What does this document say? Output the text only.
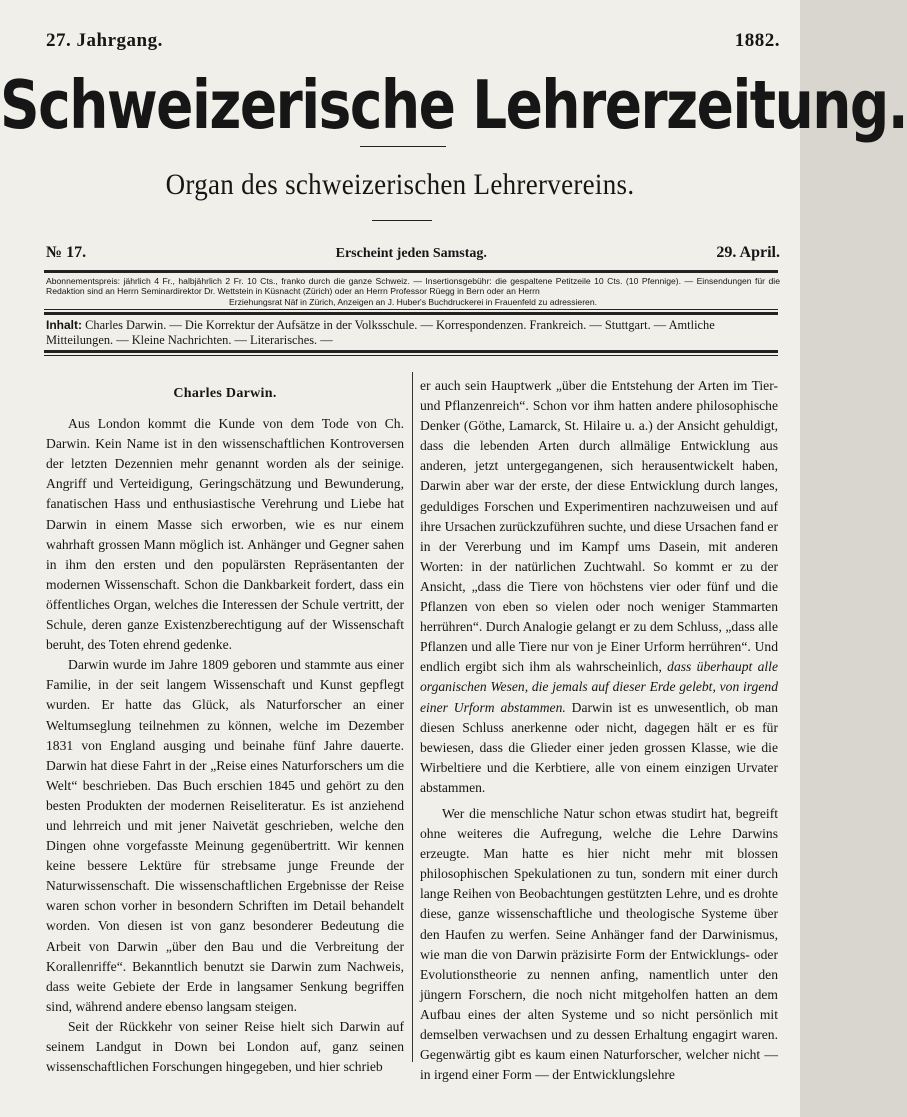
27. Jahrgang.	1882.
Schweizerische Lehrerzeitung.
Organ des schweizerischen Lehrervereins.
№ 17.	Erscheint jeden Samstag.	29. April.
Abonnementspreis: jährlich 4 Fr., halbjährlich 2 Fr. 10 Cts., franko durch die ganze Schweiz. — Insertionsgebühr: die gespaltene Petitzeile 10 Cts. (10 Pfennige). — Einsendungen für die Redaktion sind an Herrn Seminardirektor Dr. Wettstein in Küsnacht (Zürich) oder an Herrn Professor Rüegg in Bern oder an Herrn
Erziehungsrat Näf in Zürich, Anzeigen an J. Huber's Buchdruckerei in Frauenfeld zu adressieren.
Inhalt: Charles Darwin. — Die Korrektur der Aufsätze in der Volksschule. — Korrespondenzen. Frankreich. — Stuttgart. — Amtliche Mitteilungen. — Kleine Nachrichten. — Literarisches. —
Charles Darwin.

Aus London kommt die Kunde von dem Tode von Ch. Darwin. Kein Name ist in den wissenschaftlichen Kontroversen der letzten Dezennien mehr genannt worden als der seinige. Angriff und Verteidigung, Geringschätzung und Bewunderung, fanatischen Hass und enthusiastische Verehrung und Liebe hat Darwin in einem Masse sich erworben, wie es nur einem wahrhaft grossen Mann möglich ist. Anhänger und Gegner sahen in ihm den ersten und den populärsten Repräsentanten der modernen Wissenschaft. Schon die Dankbarkeit fordert, dass ein öffentliches Organ, welches die Interessen der Schule vertritt, der Schule, deren ganze Existenzberechtigung auf der Wissenschaft beruht, des Toten ehrend gedenke.

Darwin wurde im Jahre 1809 geboren und stammte aus einer Familie, in der seit langem Wissenschaft und Kunst gepflegt wurden. Er hatte das Glück, als Naturforscher an einer Weltumseglung teilnehmen zu können, welche im Dezember 1831 von England ausging und beinahe fünf Jahre dauerte. Darwin hat diese Fahrt in der „Reise eines Naturforschers um die Welt“ beschrieben. Das Buch erschien 1845 und gehört zu den besten Produkten der modernen Reiseliteratur. Es ist anziehend und lehrreich und mit jener Naivetät geschrieben, welche den Dingen ohne vorgefasste Meinung gegenübertritt. Wir kennen keine bessere Lektüre für strebsame junge Freunde der Naturwissenschaft. Die wissenschaftlichen Ergebnisse der Reise waren schon vorher in besondern Schriften im Detail behandelt worden. Von diesen ist von ganz besonderer Bedeutung die Arbeit von Darwin „über den Bau und die Verbreitung der Korallenriffe“. Bekanntlich benutzt sie Darwin zum Nachweis, dass weite Gebiete der Erde in langsamer Senkung begriffen sind, während andere ebenso langsam steigen.

Seit der Rückkehr von seiner Reise hielt sich Darwin auf seinem Landgut in Down bei London auf, ganz seinen wissenschaftlichen Forschungen hingegeben, und hier schrieb

er auch sein Hauptwerk „über die Entstehung der Arten im Tier- und Pflanzenreich“. Schon vor ihm hatten andere philosophische Denker (Göthe, Lamarck, St. Hilaire u. a.) der Ansicht gehuldigt, dass die lebenden Arten durch allmälige Entwicklung aus anderen, jetzt untergegangenen, sich herausentwickelt haben, Darwin aber war der erste, der diese Entwicklung durch langes, geduldiges Forschen und Experimentiren nachzuweisen und auf ihre Ursachen zurückzuführen suchte, und diese Ursachen fand er in der Vererbung und im Kampf ums Dasein, mit anderen Worten: in der natürlichen Zuchtwahl. So kommt er zu der Ansicht, „dass die Tiere von höchstens vier oder fünf und die Pflanzen von eben so vielen oder noch weniger Stammarten herrühren“. Durch Analogie gelangt er zu dem Schluss, „dass alle Pflanzen und alle Tiere nur von je Einer Urform herrühren“. Und endlich ergibt sich ihm als wahrscheinlich, dass überhaupt alle organischen Wesen, die jemals auf dieser Erde gelebt, von irgend einer Urform abstammen. Darwin ist es unwesentlich, ob man diesen Schluss anerkenne oder nicht, dagegen hält er es für bewiesen, dass die Glieder einer jeden grossen Klasse, wie die Wirbeltiere und die Kerbtiere, alle von einem einzigen Urvater abstammen.

Wer die menschliche Natur schon etwas studirt hat, begreift ohne weiteres die Aufregung, welche die Lehre Darwins erzeugte. Man hatte es hier nicht mehr mit blossen philosophischen Spekulationen zu tun, sondern mit einer durch lange Reihen von Beobachtungen gestützten Lehre, und es drohte diese, ganze wissenschaftliche und theologische Systeme über den Haufen zu werfen. Seine Anhänger fand der Darwinismus, wie man die von Darwin präzisirte Form der Entwicklungs- oder Evolutionstheorie zu nennen anfing, namentlich unter den jüngern Forschern, die noch nicht mitgeholfen hatten an dem Aufbau eines der alten Systeme und so nicht persönlich mit demselben verwachsen und zu dessen Erhaltung engagirt waren. Gegenwärtig gibt es kaum einen Naturforscher, welcher nicht — in irgend einer Form — der Entwicklungslehre
